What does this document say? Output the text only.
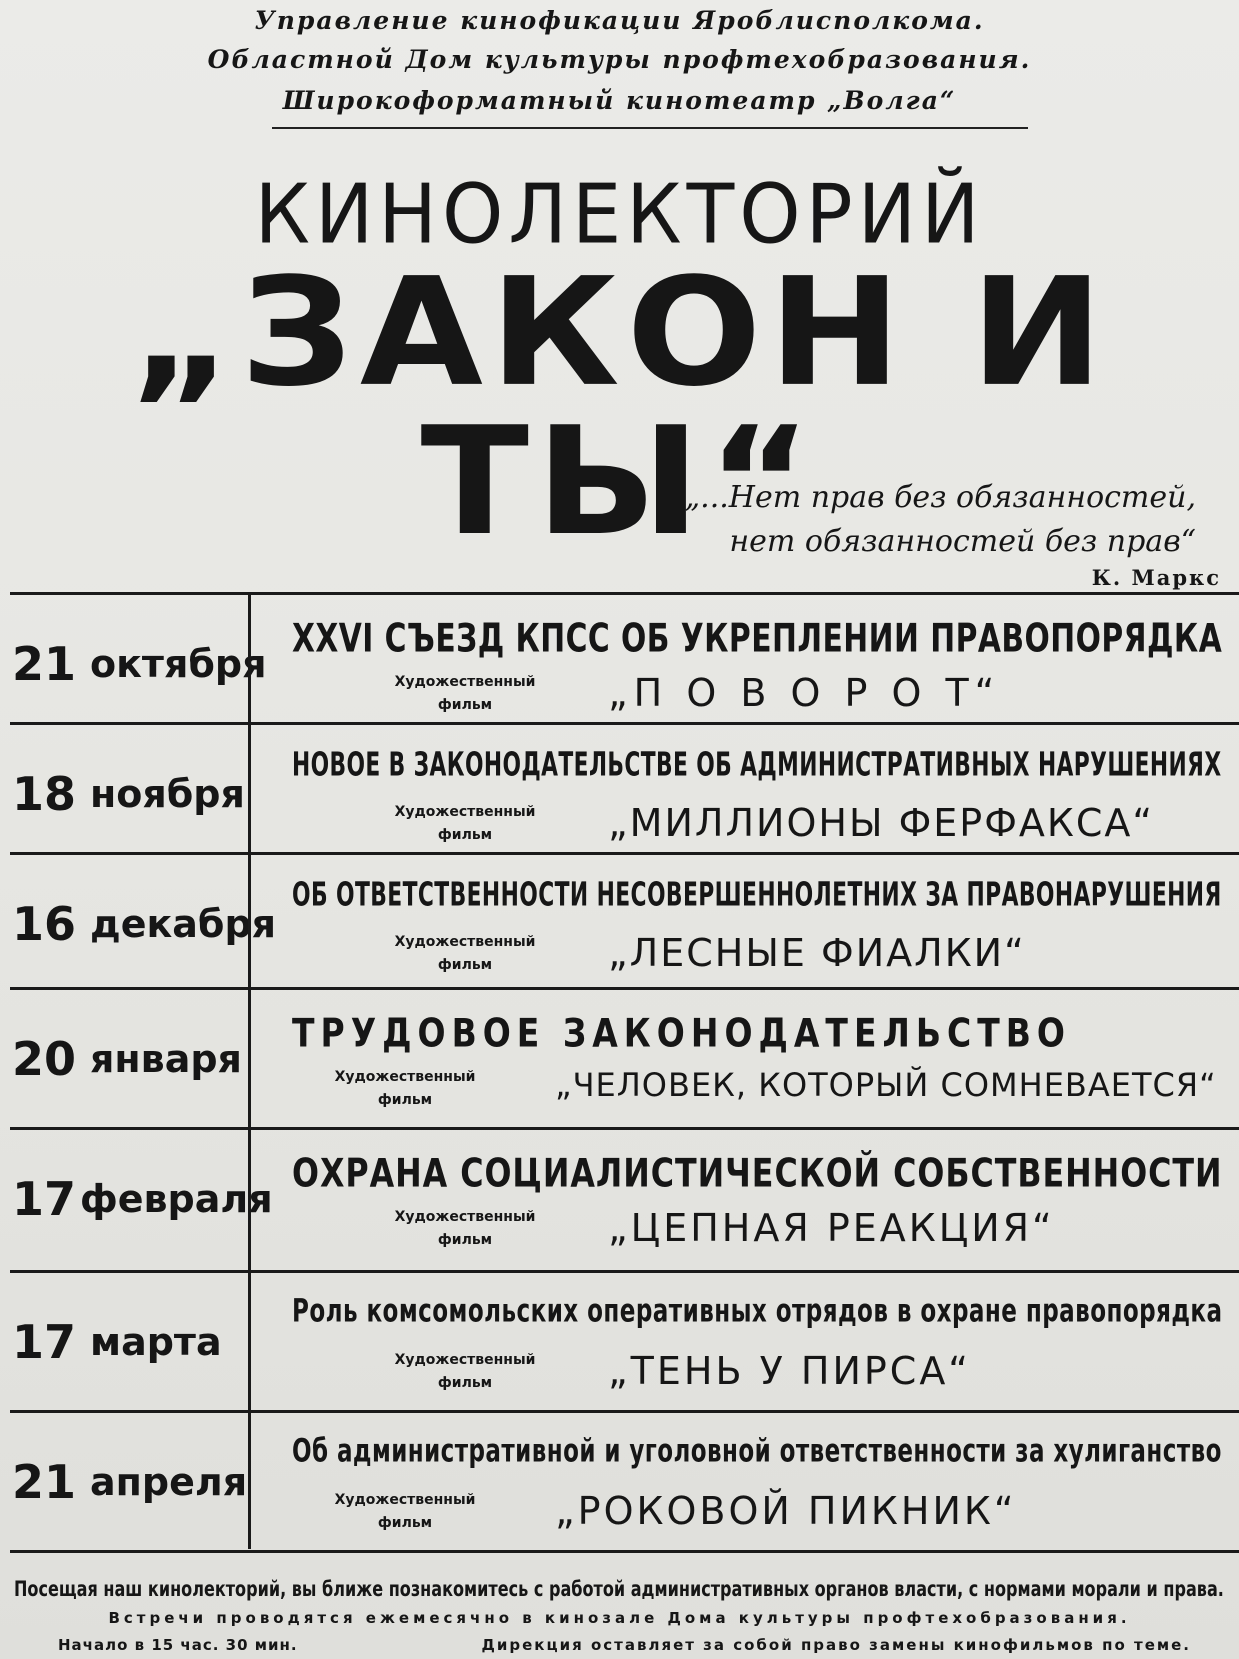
Управление кинофикации Яроблисполкома.
Областной Дом культуры профтехобразования.
Широкоформатный кинотеатр „Волга“
КИНОЛЕКТОРИЙ
„ЗАКОН И ТЫ“
„...Нет прав без обязанностей,
нет обязанностей без прав“
К. Маркс
21 октября
XXVI СЪЕЗД КПСС ОБ УКРЕПЛЕНИИ ПРАВОПОРЯДКА
Художественный
фильм	„П О В О Р О Т“
18 ноября
НОВОЕ В ЗАКОНОДАТЕЛЬСТВЕ ОБ АДМИНИСТРАТИВНЫХ НАРУШЕНИЯХ
Художественный
фильм	„МИЛЛИОНЫ ФЕРФАКСА“
16 декабря
ОБ ОТВЕТСТВЕННОСТИ НЕСОВЕРШЕННОЛЕТНИХ ЗА ПРАВОНАРУШЕНИЯ
Художественный
фильм	„ЛЕСНЫЕ ФИАЛКИ“
20 января
ТРУДОВОЕ ЗАКОНОДАТЕЛЬСТВО
Художественный
фильм	„ЧЕЛОВЕК, КОТОРЫЙ СОМНЕВАЕТСЯ“
17 февраля
ОХРАНА СОЦИАЛИСТИЧЕСКОЙ СОБСТВЕННОСТИ
Художественный
фильм	„ЦЕПНАЯ РЕАКЦИЯ“
17 марта
Роль комсомольских оперативных отрядов в охране правопорядка
Художественный
фильм	„ТЕНЬ У ПИРСА“
21 апреля
Об административной и уголовной ответственности за хулиганство
Художественный
фильм	„РОКОВОЙ ПИКНИК“
Посещая наш кинолекторий, вы ближе познакомитесь с работой административных органов власти, с нормами морали и права.
Встречи проводятся ежемесячно в кинозале Дома культуры профтехобразования.
Начало в 15 час. 30 мин.	Дирекция оставляет за собой право замены кинофильмов по теме.
